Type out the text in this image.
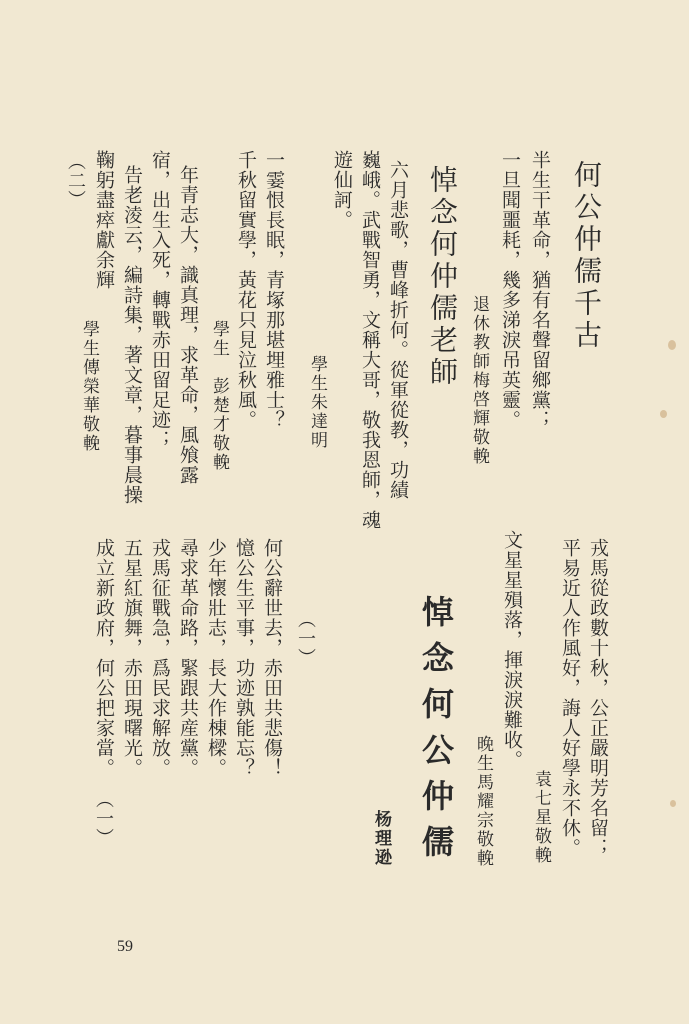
何公仲儒千古
半生干革命，猶有名聲留鄉黨；
一旦聞噩耗，幾多涕淚吊英靈。
退休教師梅啓輝敬輓
悼念何仲儒老師
六月悲歌，曹峰折何。從軍從教，功績
巍峨。武戰智勇，文稱大哥，敬我恩師，魂
遊仙訶。
學生朱達明
一霎恨長眠，青塚那堪埋雅士？
千秋留實學，黃花只見泣秋風。
學生　彭楚才敬輓
　年青志大，識真理，求革命，風飧露
宿，出生入死，轉戰赤田留足迹；
　告老淩云，編詩集，著文章，暮事晨操
鞠躬盡瘁獻余輝
（二）
學生傳榮華敬輓
戎馬從政數十秋，公正嚴明芳名留；
平易近人作風好，誨人好學永不休。
袁七星敬輓
文星星殞落，揮淚淚難收。
晚生馬耀宗敬輓
悼念何公仲儒
杨理逊
（一）
何公辭世去，赤田共悲傷！
憶公生平事，功迹孰能忘？
少年懷壯志，長大作棟樑。
尋求革命路，緊跟共産黨。
戎馬征戰急，爲民求解放。
五星紅旗舞，赤田現曙光。
成立新政府，何公把家當。
（一）
59
